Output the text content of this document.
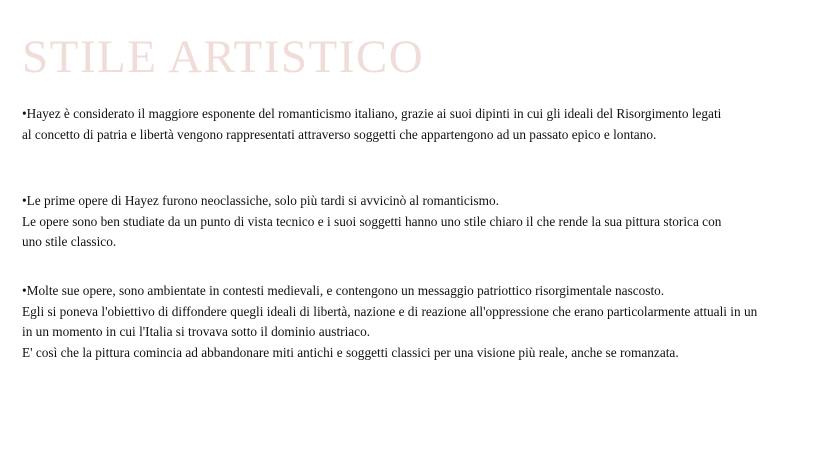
STILE ARTISTICO

•Hayez è considerato il maggiore esponente del romanticismo italiano, grazie ai suoi dipinti in cui gli ideali del Risorgimento legati
al concetto di patria e libertà vengono rappresentati attraverso soggetti che appartengono ad un passato epico e lontano.

•Le prime opere di Hayez furono neoclassiche, solo più tardi si avvicinò al romanticismo.
Le opere sono ben studiate da un punto di vista tecnico e i suoi soggetti hanno uno stile chiaro il che rende la sua pittura storica con
uno stile classico.

•Molte sue opere, sono ambientate in contesti medievali, e contengono un messaggio patriottico risorgimentale nascosto.
Egli si poneva l'obiettivo di diffondere quegli ideali di libertà, nazione e di reazione all'oppressione che erano particolarmente attuali in un
in un momento in cui l'Italia si trovava sotto il dominio austriaco.
E' così che la pittura comincia ad abbandonare miti antichi e soggetti classici per una visione più reale, anche se romanzata.
